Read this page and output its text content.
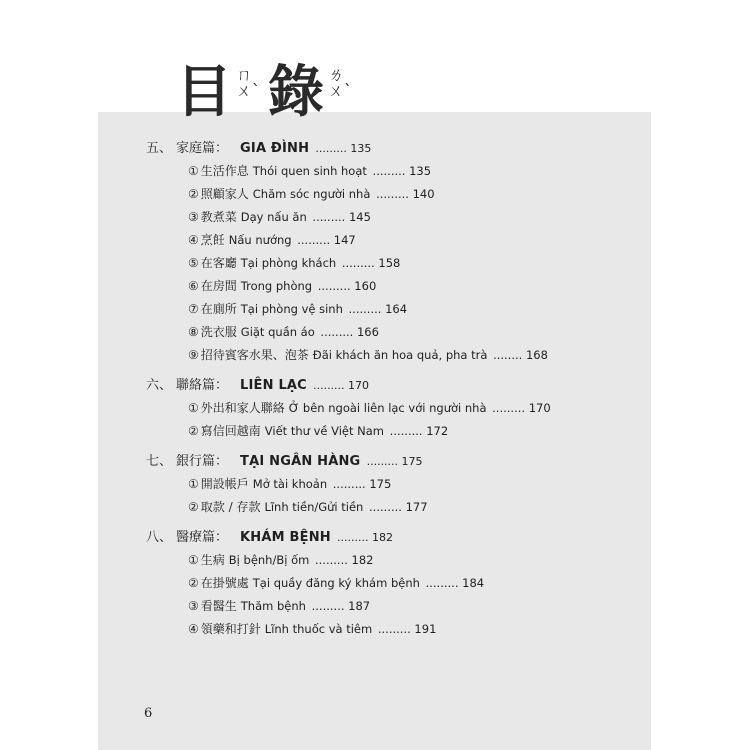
目 ㄇ
ㄨˋ 錄 ㄌ
ㄨˋ
五、 家庭篇： GIA ĐÌNH ......... 135
① 生活作息 Thói quen sinh hoạt ......... 135
② 照顧家人 Chăm sóc người nhà ......... 140
③ 教煮菜 Dạy nấu ăn ......... 145
④ 烹飪 Nấu nướng ......... 147
⑤ 在客廳 Tại phòng khách ......... 158
⑥ 在房間 Trong phòng ......... 160
⑦ 在廁所 Tại phòng vệ sinh ......... 164
⑧ 洗衣服 Giặt quần áo ......... 166
⑨ 招待賓客水果、泡茶 Đãi khách ăn hoa quả, pha trà ........ 168
六、 聯絡篇： LIÊN LẠC ......... 170
① 外出和家人聯絡 Ở bên ngoài liên lạc với người nhà ......... 170
② 寫信回越南 Viết thư về Việt Nam ......... 172
七、 銀行篇： TẠI NGÂN HÀNG ......... 175
① 開設帳戶 Mở tài khoản ......... 175
② 取款 / 存款 Lĩnh tiền/Gửi tiền ......... 177
八、 醫療篇： KHÁM BỆNH ......... 182
① 生病 Bị bệnh/Bị ốm ......... 182
② 在掛號處 Tại quầy đăng ký khám bệnh ......... 184
③ 看醫生 Thăm bệnh ......... 187
④ 領藥和打針 Lĩnh thuốc và tiêm ......... 191
6
